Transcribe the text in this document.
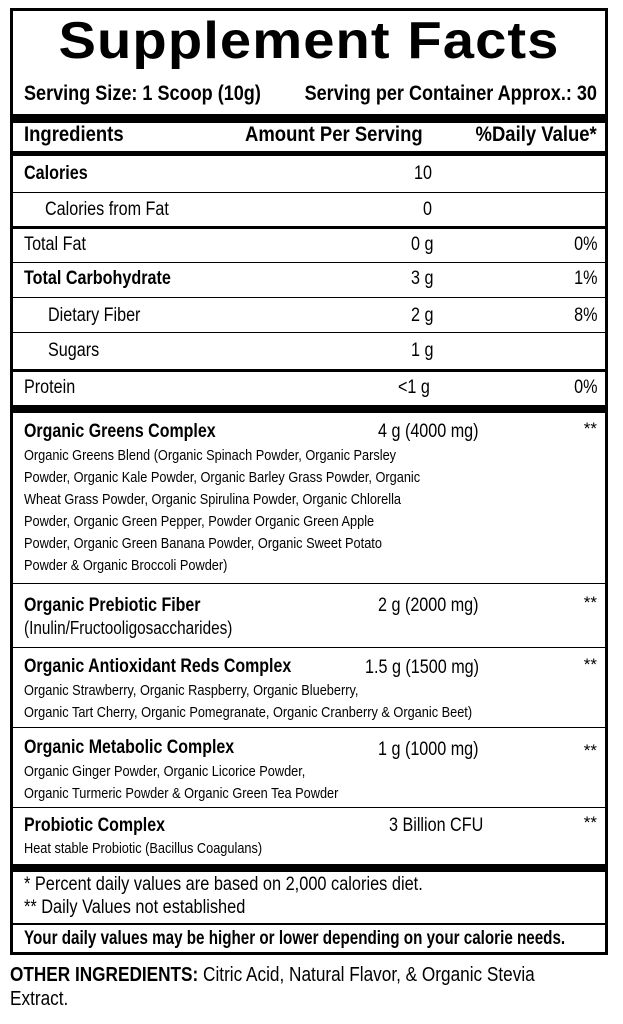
Supplement Facts
Serving Size: 1 Scoop (10g)	Serving per Container Approx.: 30
Ingredients	Amount Per Serving	%Daily Value*
Calories	10
Calories from Fat	0
Total Fat	0 g	0%
Total Carbohydrate	3 g	1%
Dietary Fiber	2 g	8%
Sugars	1 g
Protein	<1 g	0%
Organic Greens Complex	4 g (4000 mg)	**
Organic Greens Blend (Organic Spinach Powder, Organic Parsley
Powder, Organic Kale Powder, Organic Barley Grass Powder, Organic
Wheat Grass Powder, Organic Spirulina Powder, Organic Chlorella
Powder, Organic Green Pepper, Powder Organic Green Apple
Powder, Organic Green Banana Powder, Organic Sweet Potato
Powder & Organic Broccoli Powder)
Organic Prebiotic Fiber	2 g (2000 mg)	**
(Inulin/Fructooligosaccharides)
Organic Antioxidant Reds Complex	1.5 g (1500 mg)	**
Organic Strawberry, Organic Raspberry, Organic Blueberry,
Organic Tart Cherry, Organic Pomegranate, Organic Cranberry & Organic Beet)
Organic Metabolic Complex	1 g (1000 mg)	**
Organic Ginger Powder, Organic Licorice Powder,
Organic Turmeric Powder & Organic Green Tea Powder
Probiotic Complex	3 Billion CFU	**
Heat stable Probiotic (Bacillus Coagulans)
* Percent daily values are based on 2,000 calories diet.
** Daily Values not established
Your daily values may be higher or lower depending on your calorie needs.
OTHER INGREDIENTS: Citric Acid, Natural Flavor, & Organic Stevia
Extract.
